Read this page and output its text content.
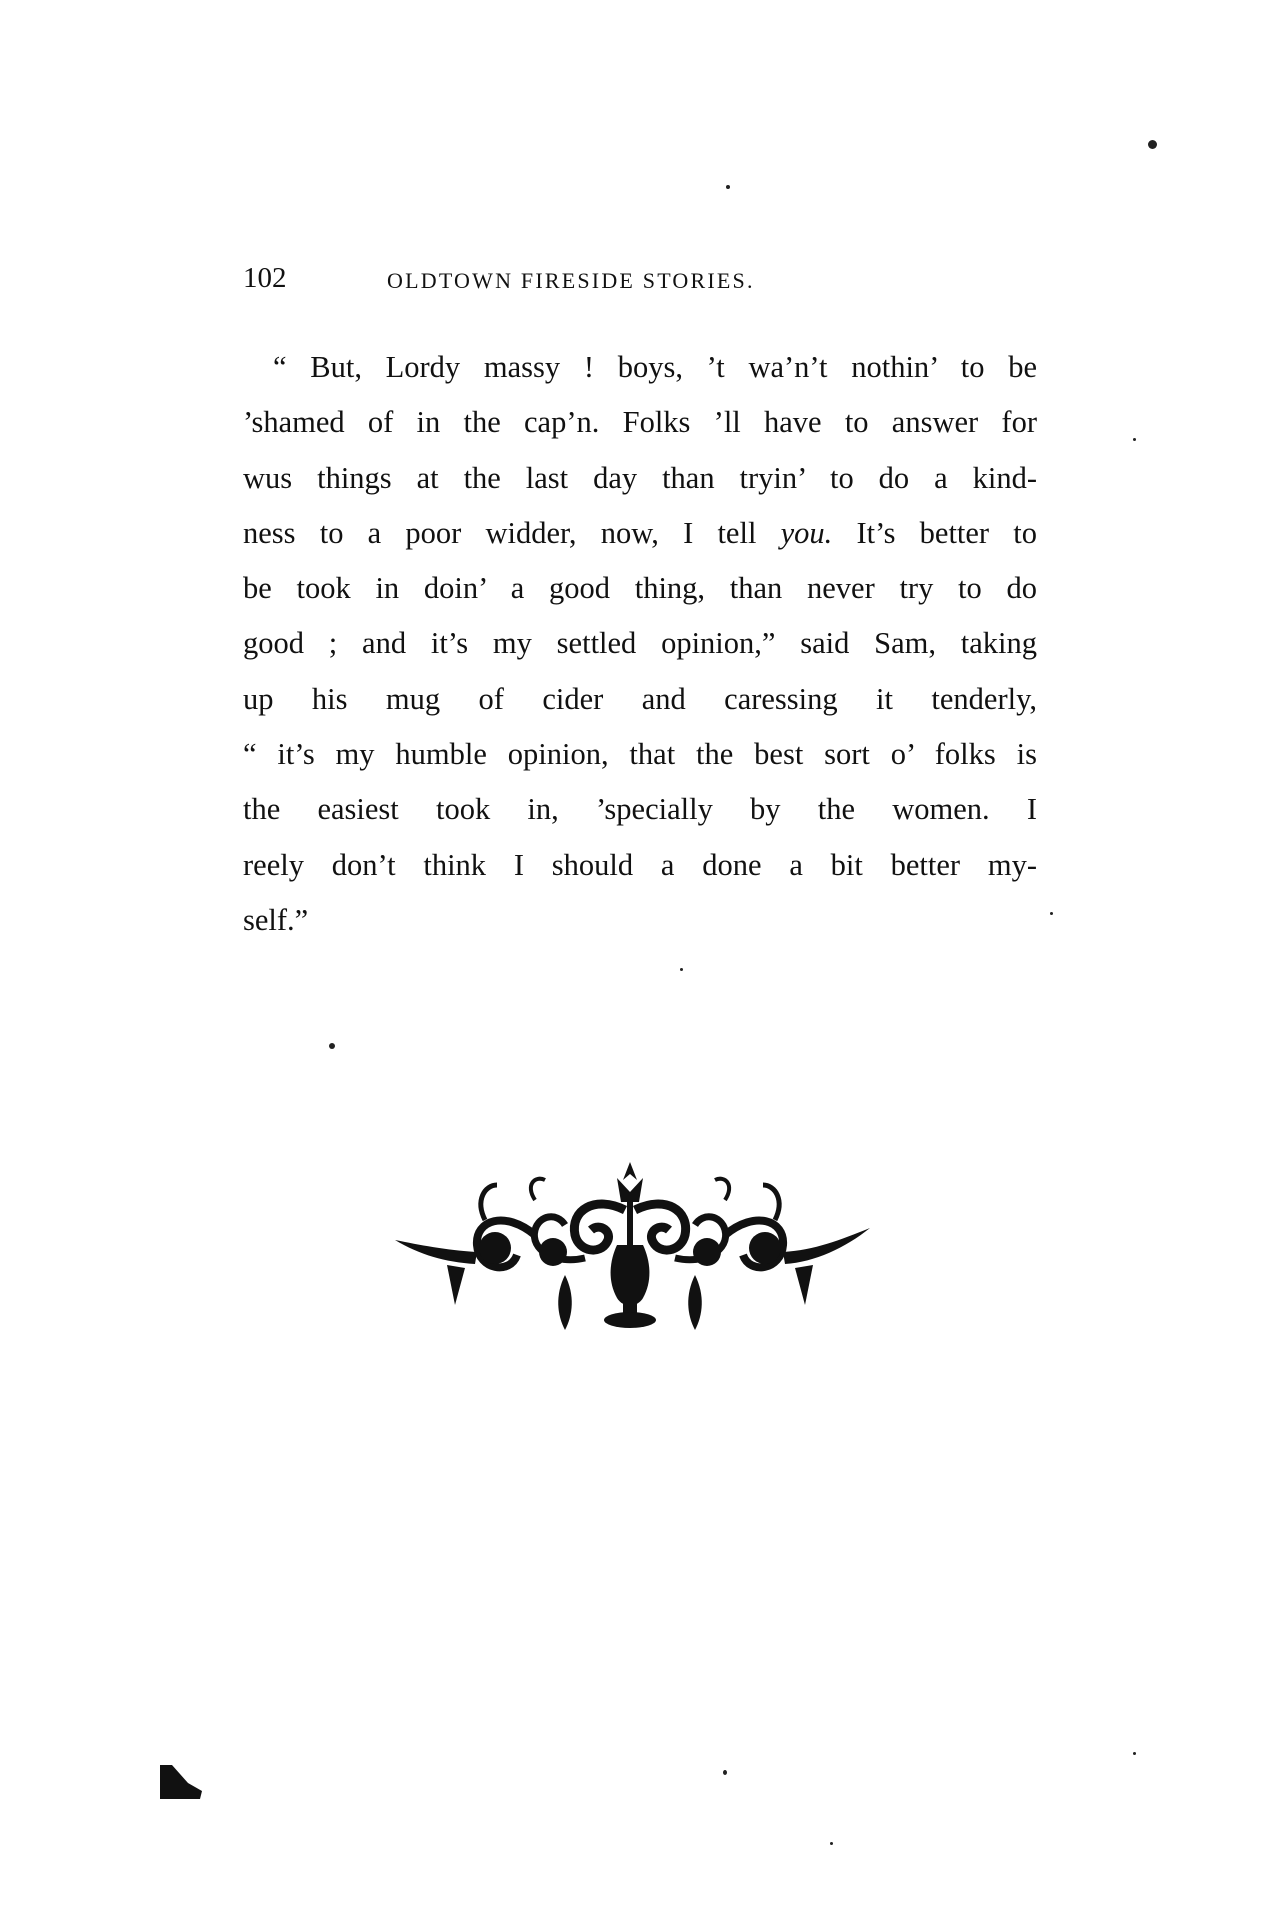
102	OLDTOWN FIRESIDE STORIES.
“ But, Lordy massy ! boys, ’t wa’n’t nothin’ to be
’shamed of in the cap’n. Folks ’ll have to answer for
wus things at the last day than tryin’ to do a kind-
ness to a poor widder, now, I tell you. It’s better to
be took in doin’ a good thing, than never try to do
good ; and it’s my settled opinion,” said Sam, taking
up his mug of cider and caressing it tenderly,
“ it’s my humble opinion, that the best sort o’ folks is
the easiest took in, ’specially by the women. I
reely don’t think I should a done a bit better my-
self.”
